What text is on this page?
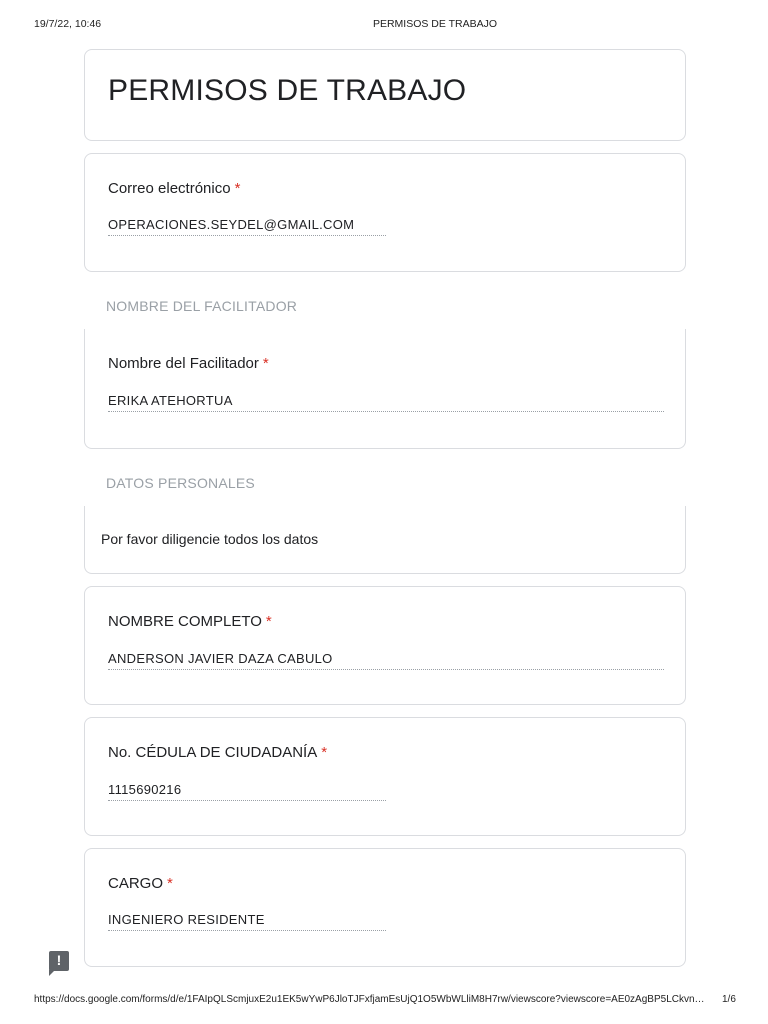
19/7/22, 10:46	PERMISOS DE TRABAJO
PERMISOS DE TRABAJO
Correo electrónico *
OPERACIONES.SEYDEL@GMAIL.COM
NOMBRE DEL FACILITADOR
Nombre del Facilitador *
ERIKA ATEHORTUA
DATOS PERSONALES
Por favor diligencie todos los datos
NOMBRE COMPLETO *
ANDERSON JAVIER DAZA CABULO
No. CÉDULA DE CIUDADANÍA *
1115690216
CARGO *
INGENIERO RESIDENTE
!
https://docs.google.com/forms/d/e/1FAIpQLScmjuxE2u1EK5wYwP6JloTJFxfjamEsUjQ1O5WbWLliM8H7rw/viewscore?viewscore=AE0zAgBP5LCkvn…	1/6
